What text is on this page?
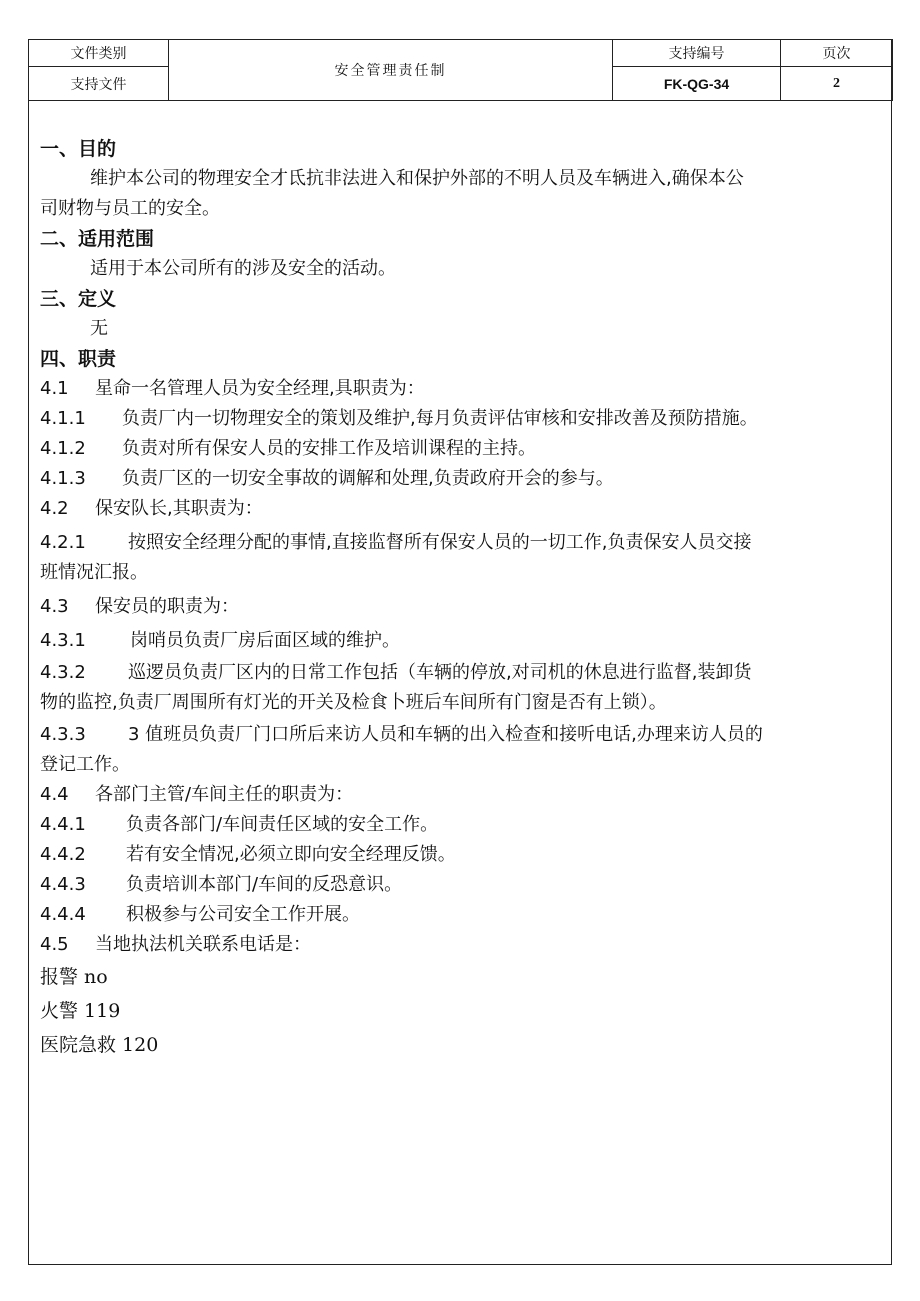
文件类别	安全管理责任制	支持编号	页次
支持文件		FK-QG-34	2

一、目的

维护本公司的物理安全才氐抗非法进入和保护外部的不明人员及车辆进入,确保本公

司财物与员工的安全。

二、适用范围

适用于本公司所有的涉及安全的活动。

三、定义

无

四、职责

4.1	星命一名管理人员为安全经理,具职责为：
4.1.1	负责厂内一切物理安全的策划及维护,每月负责评估审核和安排改善及预防措施。
4.1.2	负责对所有保安人员的安排工作及培训课程的主持。
4.1.3	负责厂区的一切安全事故的调解和处理,负责政府开会的参与。
4.2	保安队长,其职责为：
4.2.1	按照安全经理分配的事情,直接监督所有保安人员的一切工作,负责保安人员交接
班情况汇报。
4.3	保安员的职责为：
4.3.1	岗哨员负责厂房后面区域的维护。
4.3.2	巡逻员负责厂区内的日常工作包括（车辆的停放,对司机的休息进行监督,装卸货
物的监控,负责厂周围所有灯光的开关及检食卜班后车间所有门窗是否有上锁）。
4.3.3	3 值班员负责厂门口所后来访人员和车辆的出入检查和接听电话,办理来访人员的
登记工作。
4.4	各部门主管/车间主任的职责为：
4.4.1	负责各部门/车间责任区域的安全工作。
4.4.2	若有安全情况,必须立即向安全经理反馈。
4.4.3	负责培训本部门/车间的反恐意识。
4.4.4	积极参与公司安全工作开展。
4.5	当地执法机关联系电话是：

报警 no

火警 119

医院急救 120
